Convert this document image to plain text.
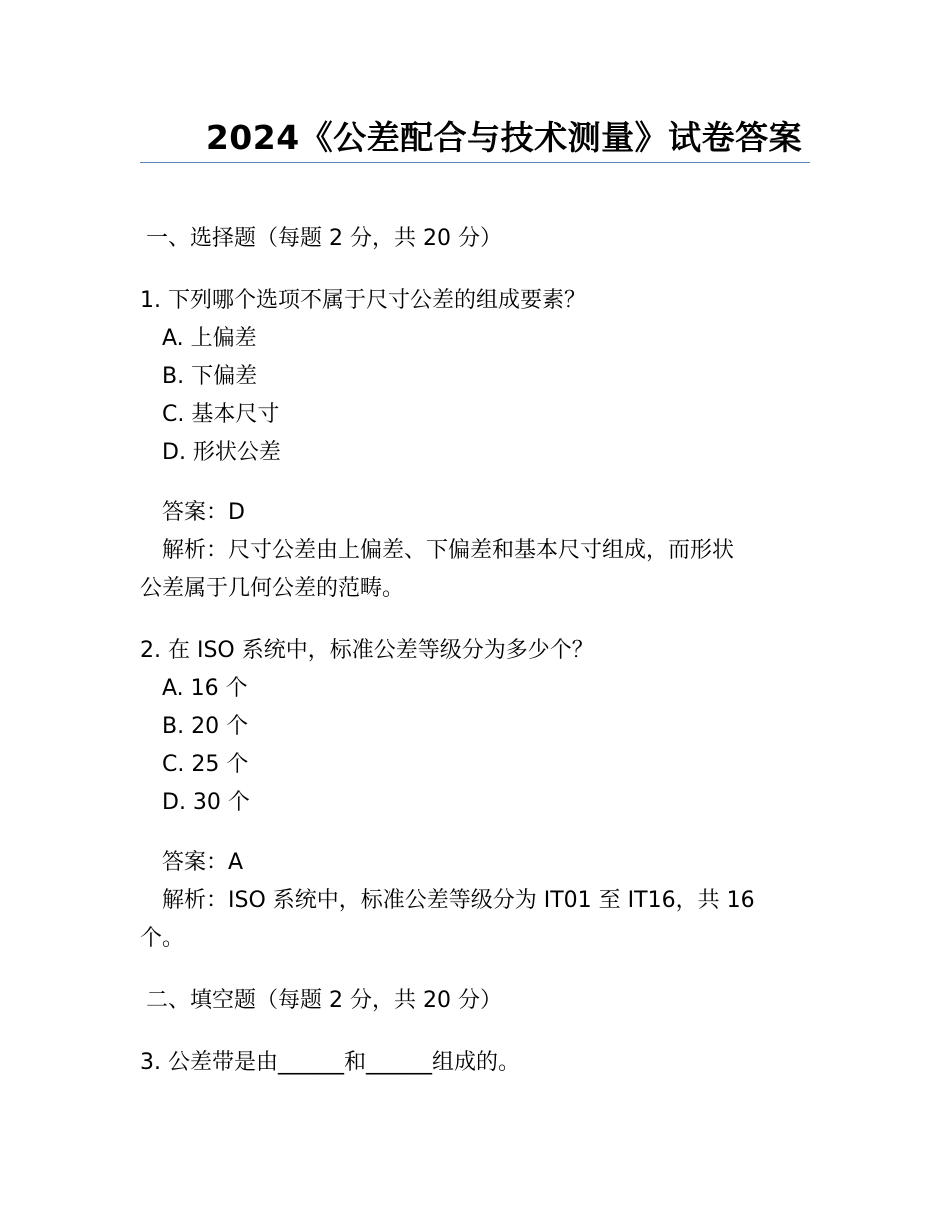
2024《公差配合与技术测量》试卷答案
一、选择题（每题 2 分，共 20 分）
1. 下列哪个选项不属于尺寸公差的组成要素？
A. 上偏差
B. 下偏差
C. 基本尺寸
D. 形状公差
答案：D
解析：尺寸公差由上偏差、下偏差和基本尺寸组成，而形状
公差属于几何公差的范畴。
2. 在 ISO 系统中，标准公差等级分为多少个？
A. 16 个
B. 20 个
C. 25 个
D. 30 个
答案：A
解析：ISO 系统中，标准公差等级分为 IT01 至 IT16，共 16
个。
二、填空题（每题 2 分，共 20 分）
3. 公差带是由______和______组成的。
